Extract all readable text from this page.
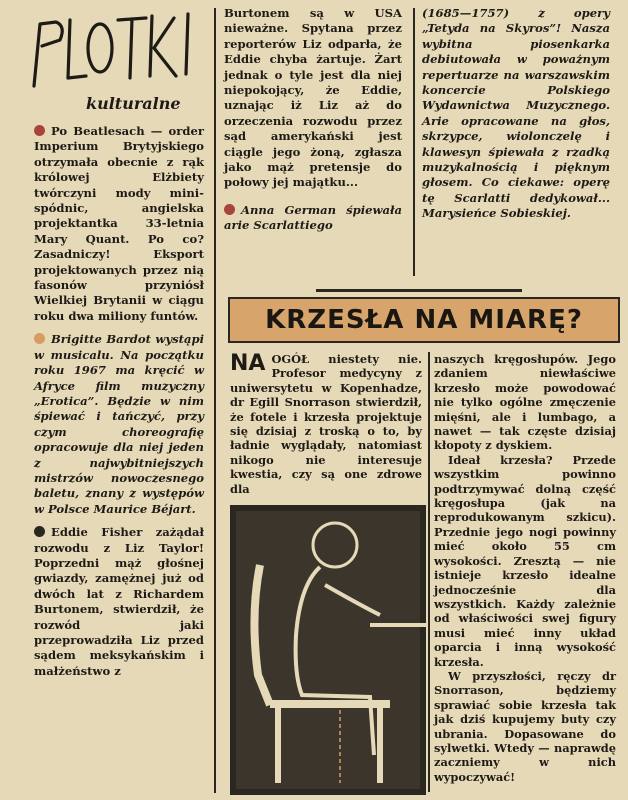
kulturalne

Po Beatlesach — order Imperium Brytyjskiego otrzymała obecnie z rąk królowej Elżbiety twórczyni mody mini-spódnic, angielska projektantka 33-letnia Mary Quant. Po co? Zasadniczy! Eksport projektowanych przez nią fasonów przyniósł Wielkiej Brytanii w ciągu roku dwa miliony funtów.

Brigitte Bardot wystąpi w musicalu. Na początku roku 1967 ma kręcić w Afryce film muzyczny „Erotica”. Będzie w nim śpiewać i tańczyć, przy czym choreografię opracowuje dla niej jeden z najwybitniejszych mistrzów nowoczesnego baletu, znany z występów w Polsce Maurice Béjart.

Eddie Fisher zażądał rozwodu z Liz Taylor! Poprzedni mąż głośnej gwiazdy, zamężnej już od dwóch lat z Richardem Burtonem, stwierdził, że rozwód jaki przeprowadziła Liz przed sądem meksykańskim i małżeństwo z

Burtonem są w USA nieważne. Spytana przez reporterów Liz odparła, że Eddie chyba żartuje. Żart jednak o tyle jest dla niej niepokojący, że Eddie, uznając iż Liz aż do orzeczenia rozwodu przez sąd amerykański jest ciągle jego żoną, zgłasza jako mąż pretensje do połowy jej majątku...

Anna German śpiewała arie Scarlattiego

(1685—1757) z opery „Tetyda na Skyros”! Nasza wybitna piosenkarka debiutowała w poważnym repertuarze na warszawskim koncercie Polskiego Wydawnictwa Muzycznego. Arie opracowane na głos, skrzypce, wiolonczelę i klawesyn śpiewała z rzadką muzykalnością i pięknym głosem. Co ciekawe: operę tę Scarlatti dedykował... Marysieńce Sobieskiej.

KRZESŁA NA MIARĘ?
NA OGÓŁ niestety nie. Profesor medycyny z uniwersytetu w Kopenhadze, dr Egill Snorrason stwierdził, że fotele i krzesła projektuje się dzisiaj z troską o to, by ładnie wyglądały, natomiast nikogo nie interesuje kwestia, czy są one zdrowe dla

naszych kręgosłupów. Jego zdaniem niewłaściwe krzesło może powodować nie tylko ogólne zmęczenie mięśni, ale i lumbago, a nawet — tak częste dzisiaj kłopoty z dyskiem.

Ideał krzesła? Przede wszystkim powinno podtrzymywać dolną część kręgosłupa (jak na reprodukowanym szkicu). Przednie jego nogi powinny mieć około 55 cm wysokości. Zresztą — nie istnieje krzesło idealne jednocześnie dla wszystkich. Każdy zależnie od właściwości swej figury musi mieć inny układ oparcia i inną wysokość krzesła.

W przyszłości, ręczy dr Snorrason, będziemy sprawiać sobie krzesła tak jak dziś kupujemy buty czy ubrania. Dopasowane do sylwetki. Wtedy — naprawdę zaczniemy w nich wypoczywać!
